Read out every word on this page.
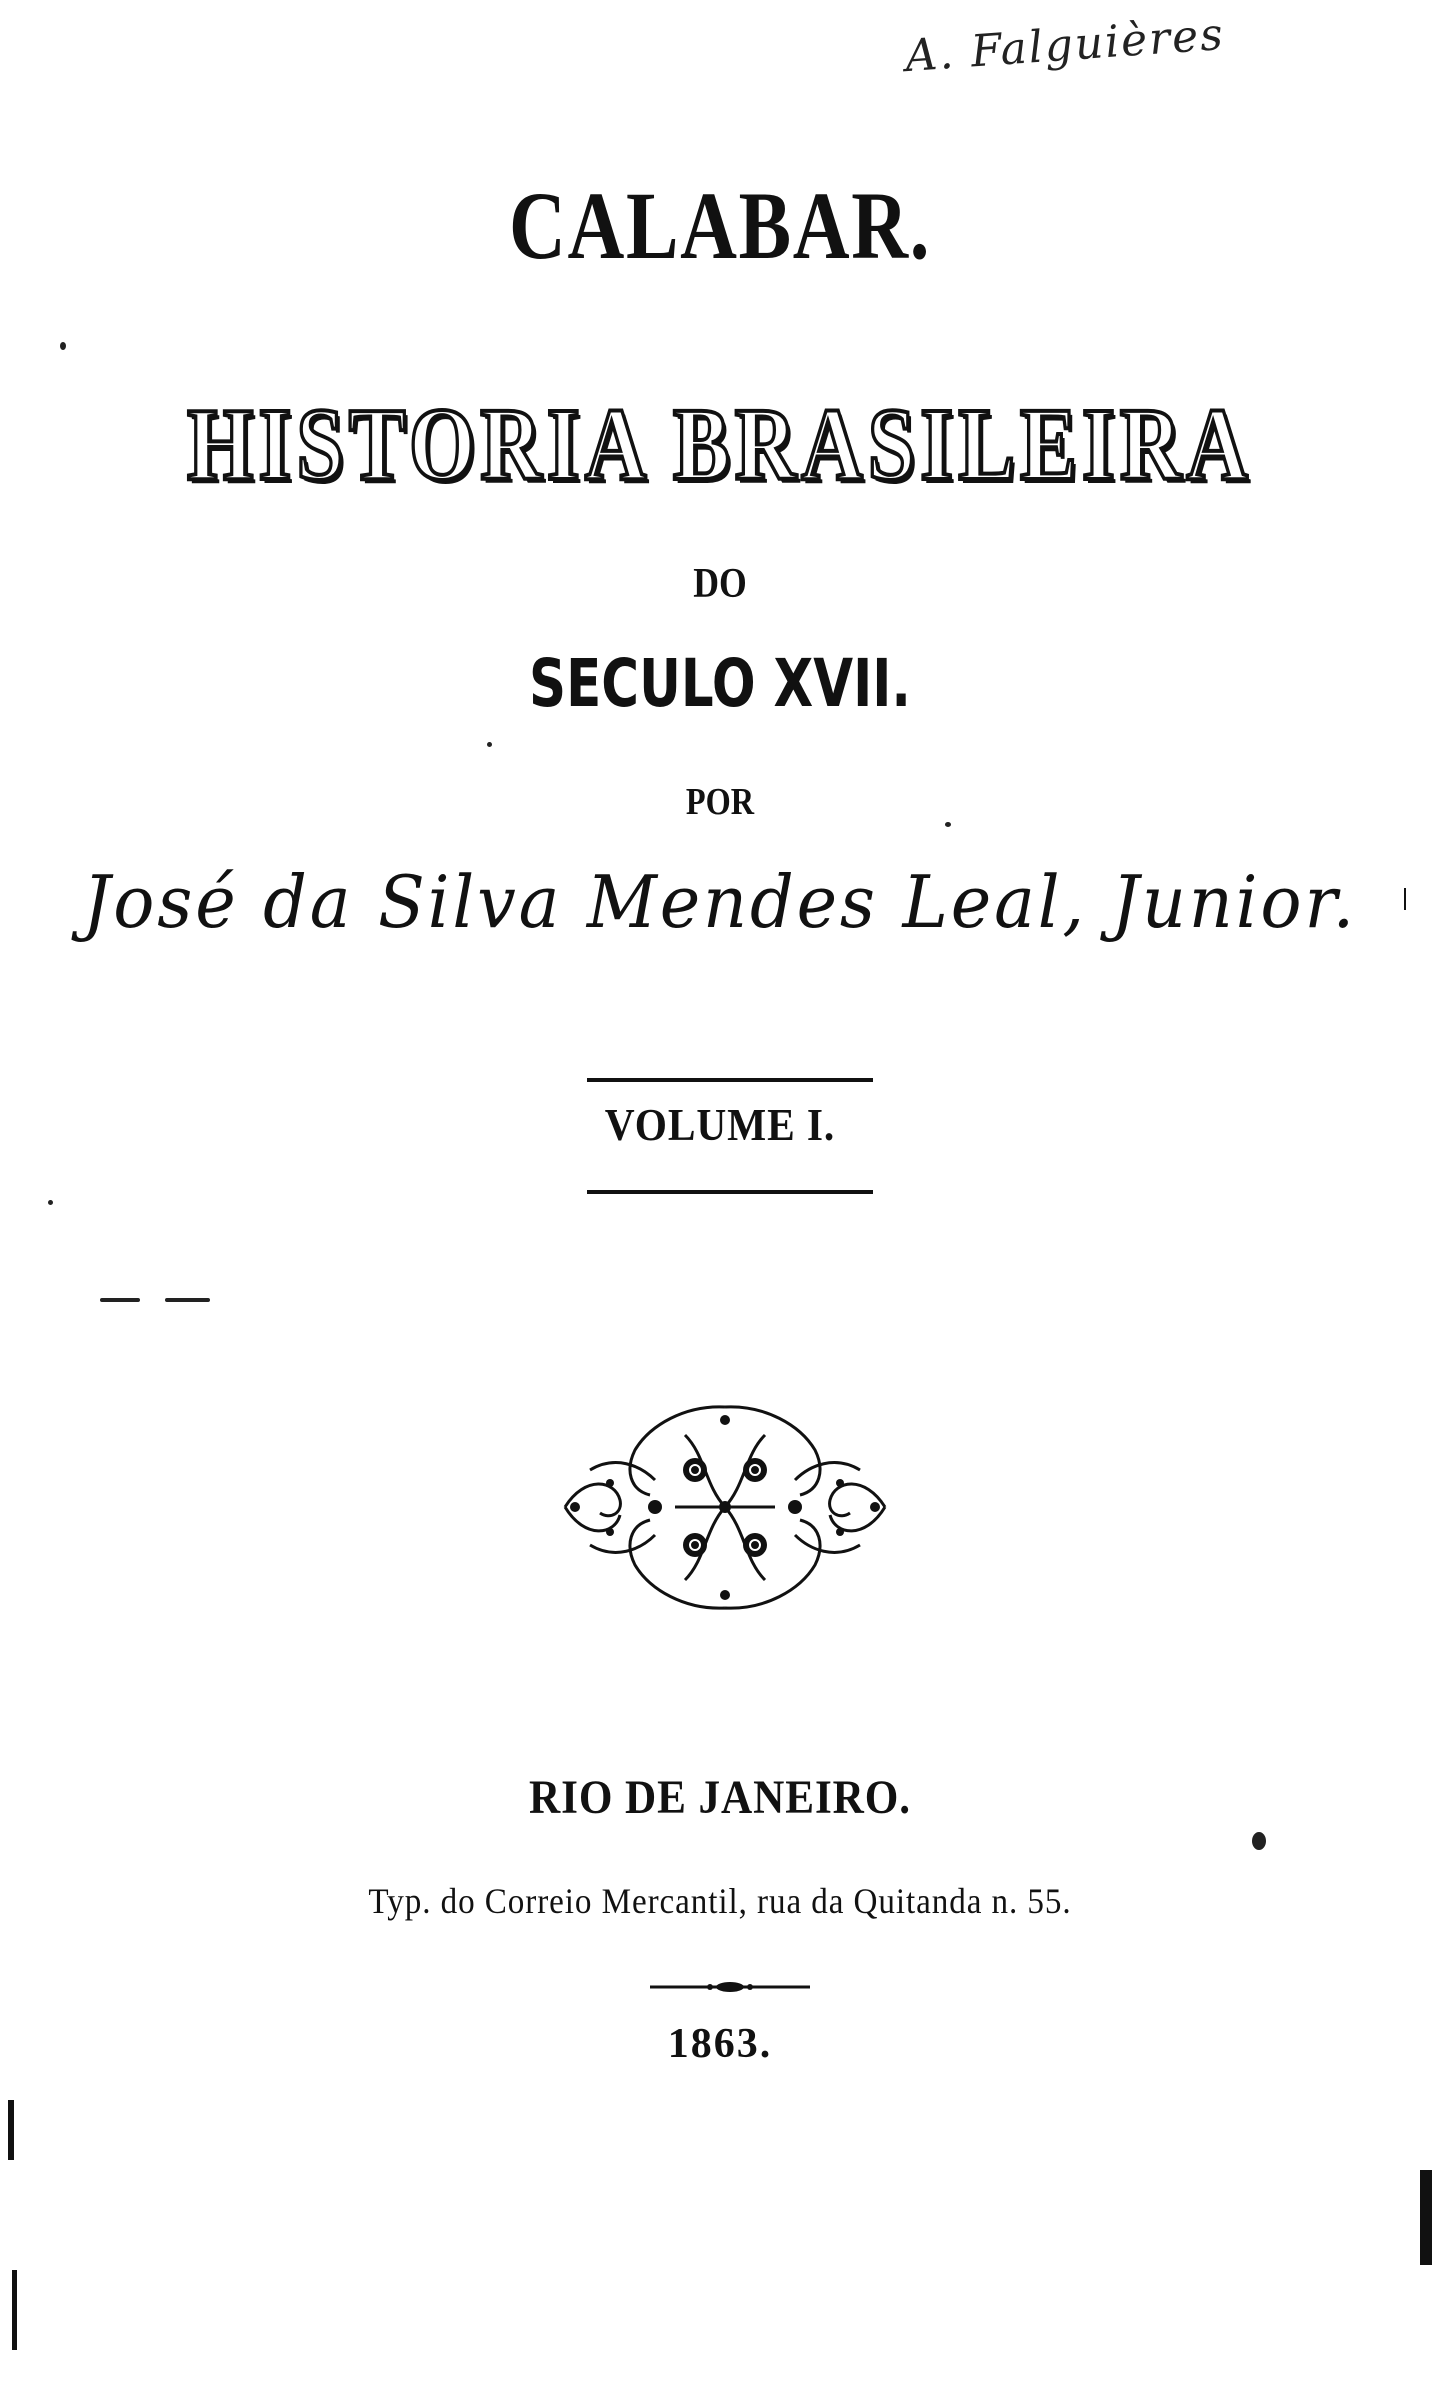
A. Falguières
CALABAR.
HISTORIA BRASILEIRA
DO
SECULO XVII.
POR
José da Silva Mendes Leal, Junior.
VOLUME I.
RIO DE JANEIRO.
Typ. do Correio Mercantil, rua da Quitanda n. 55.
1863.
